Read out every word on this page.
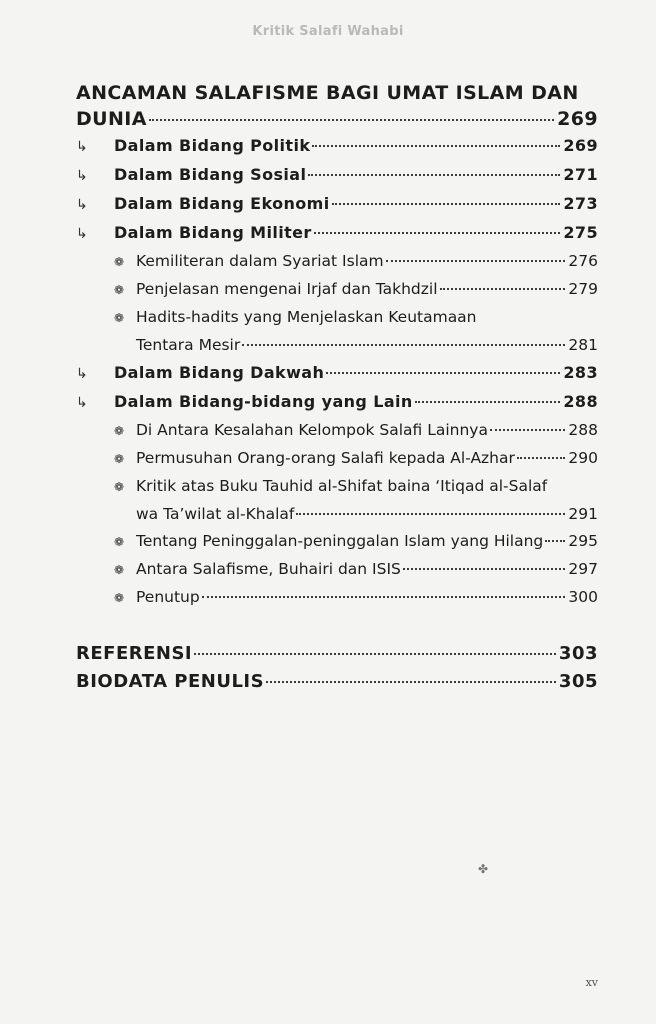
Kritik Salafi Wahabi
ANCAMAN SALAFISME BAGI UMAT ISLAM DAN
DUNIA	269
↳	Dalam Bidang Politik	269
↳	Dalam Bidang Sosial	271
↳	Dalam Bidang Ekonomi	273
↳	Dalam Bidang Militer	275
❁ Kemiliteran dalam Syariat Islam	276
❁ Penjelasan mengenai Irjaf dan Takhdzil	279
❁ Hadits-hadits yang Menjelaskan Keutamaan
Tentara Mesir	281
↳	Dalam Bidang Dakwah	283
↳	Dalam Bidang-bidang yang Lain	288
❁ Di Antara Kesalahan Kelompok Salafi Lainnya	288
❁ Permusuhan Orang-orang Salafi kepada Al-Azhar	290
❁ Kritik atas Buku Tauhid al-Shifat baina ‘Itiqad al-Salaf
wa Ta’wilat al-Khalaf	291
❁ Tentang Peninggalan-peninggalan Islam yang Hilang 295
❁ Antara Salafisme, Buhairi dan ISIS	297
❁ Penutup	300
REFERENSI	303
BIODATA PENULIS	305
✤
xv
